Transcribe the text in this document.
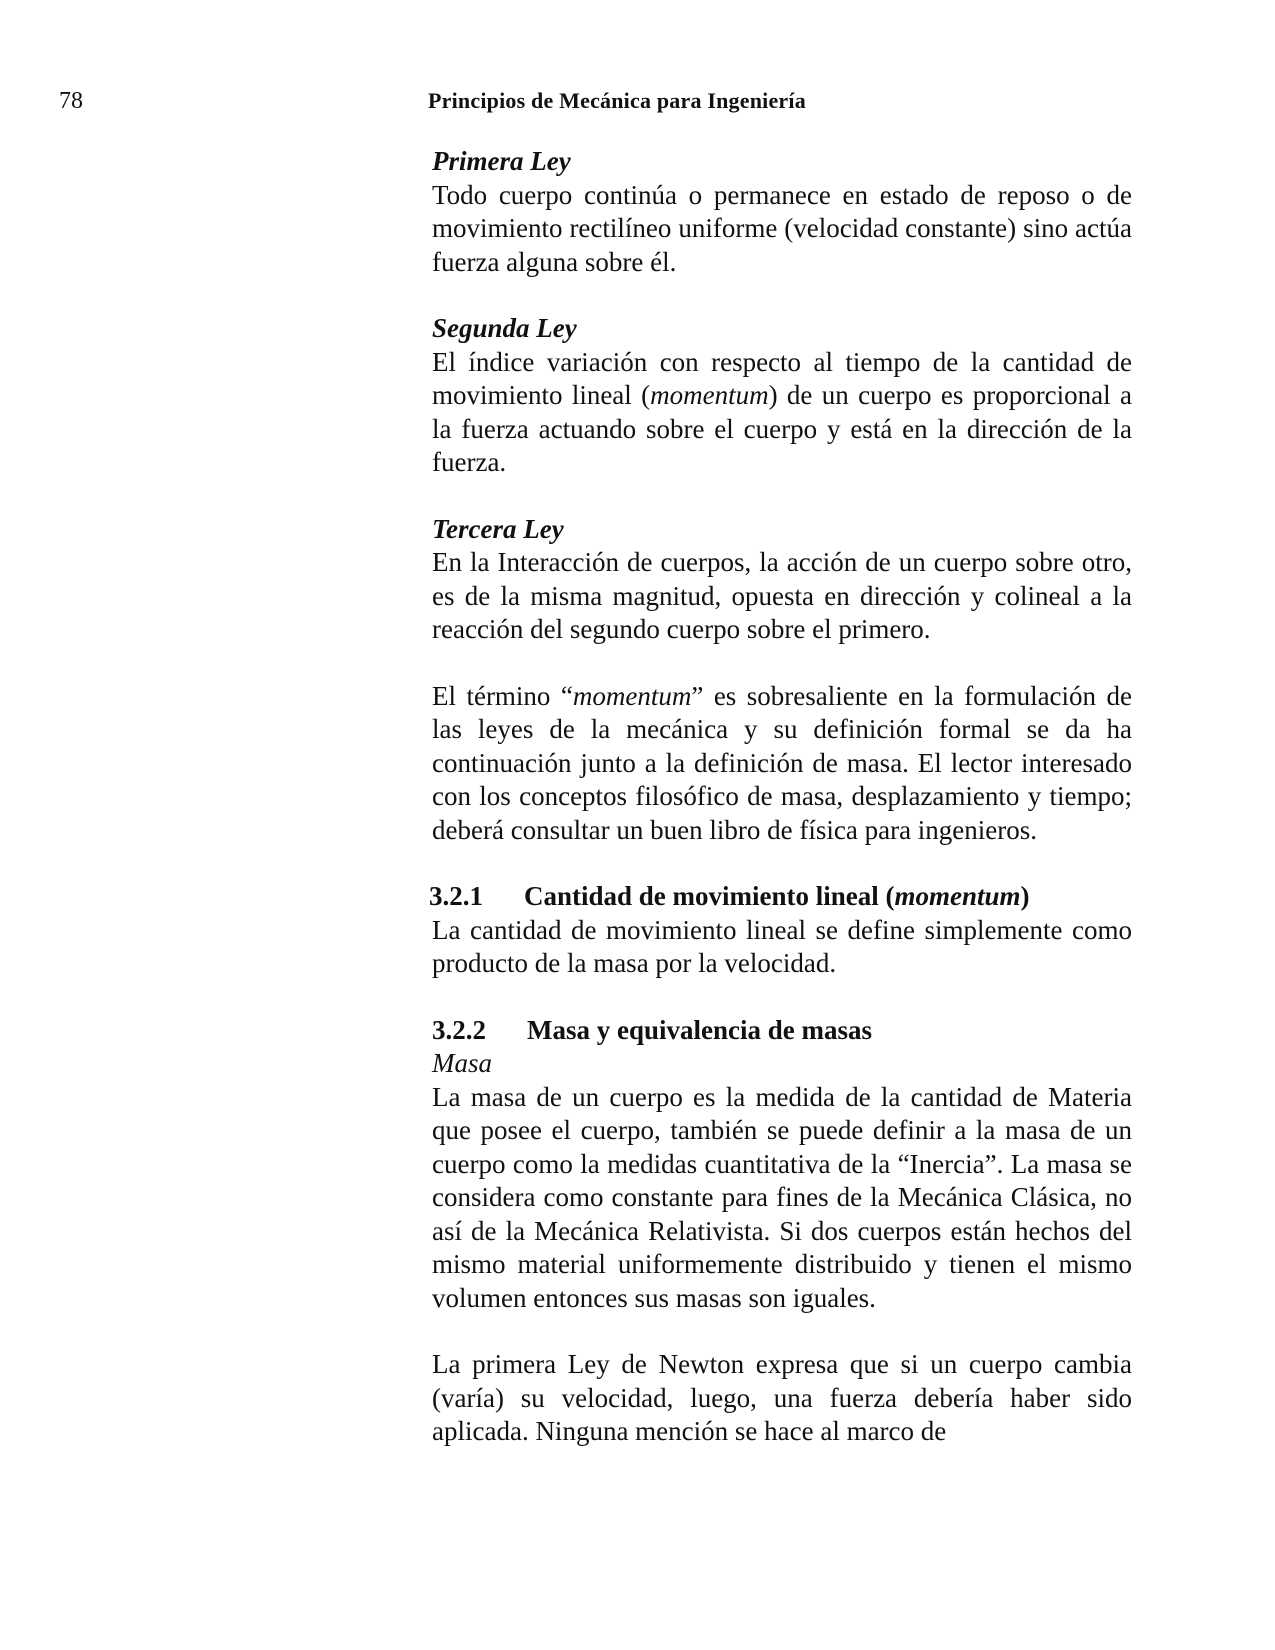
78	Principios de Mecánica para Ingeniería
Primera Ley

Todo cuerpo continúa o permanece en estado de reposo o de movimiento rectilíneo uniforme (velocidad constante) sino actúa fuerza alguna sobre él.

Segunda Ley

El índice variación con respecto al tiempo de la cantidad de movimiento lineal (momentum) de un cuerpo es proporcional a la fuerza actuando sobre el cuerpo y está en la dirección de la fuerza.

Tercera Ley

En la Interacción de cuerpos, la acción de un cuerpo sobre otro, es de la misma magnitud, opuesta en dirección y colineal a la reacción del segundo cuerpo sobre el primero.

El término “momentum” es sobresaliente en la formulación de las leyes de la mecánica y su definición formal se da ha continuación junto a la definición de masa. El lector interesado con los conceptos filosófico de masa, desplazamiento y tiempo; deberá consultar un buen libro de física para ingenieros.

3.2.1 Cantidad de movimiento lineal (momentum)

La cantidad de movimiento lineal se define simplemente como producto de la masa por la velocidad.

3.2.2 Masa y equivalencia de masas
Masa

La masa de un cuerpo es la medida de la cantidad de Materia que posee el cuerpo, también se puede definir a la masa de un cuerpo como la medidas cuantitativa de la “Inercia”. La masa se considera como constante para fines de la Mecánica Clásica, no así de la Mecánica Relativista. Si dos cuerpos están hechos del mismo material uniformemente distribuido y tienen el mismo volumen entonces sus masas son iguales.

La primera Ley de Newton expresa que si un cuerpo cambia (varía) su velocidad, luego, una fuerza debería haber sido aplicada. Ninguna mención se hace al marco de
